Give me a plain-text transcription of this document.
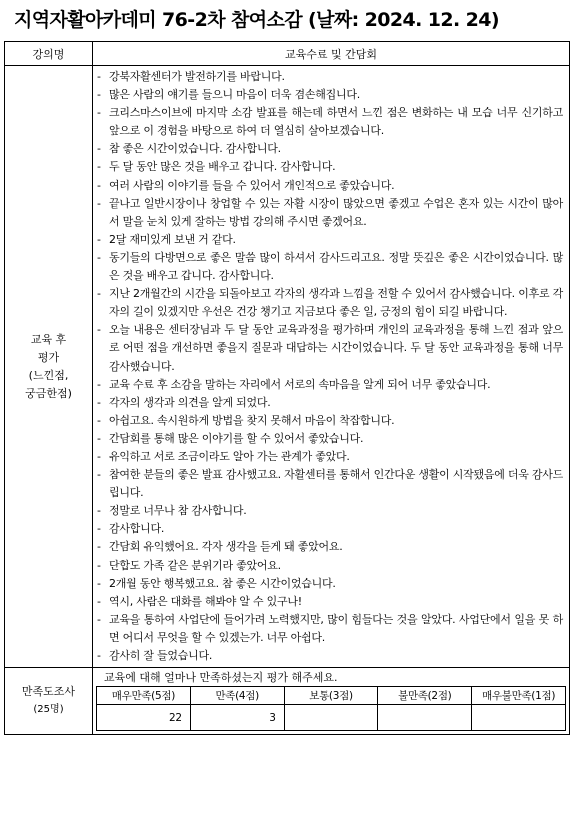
지역자활아카데미 76-2차 참여소감 (날짜: 2024. 12. 24)
강의명	교육수료 및 간담회

교육 후
평가
(느낀점,
궁금한점)

- 강북자활센터가 발전하기를 바랍니다.
- 많은 사람의 얘기를 들으니 마음이 더욱 겸손해집니다.
- 크리스마스이브에 마지막 소감 발표를 해는데 하면서 느낀 점은 변화하는 내 모습 너무 신기하고 앞으로 이 경험을 바탕으로 하여 더 열심히 살아보겠습니다.
- 참 좋은 시간이었습니다. 감사합니다.
- 두 달 동안 많은 것을 배우고 갑니다. 감사합니다.
- 여러 사람의 이야기를 들을 수 있어서 개인적으로 좋았습니다.
- 끝나고 일반시장이나 창업할 수 있는 자활 시장이 많았으면 좋겠고 수업은 혼자 있는 시간이 많아서 말을 눈치 있게 잘하는 방법 강의해 주시면 좋겠어요.
- 2달 재미있게 보낸 거 같다.
- 동기들의 다방면으로 좋은 말씀 많이 하셔서 감사드리고요. 정말 뜻깊은 좋은 시간이었습니다. 많은 것을 배우고 갑니다. 감사합니다.
- 지난 2개월간의 시간을 되돌아보고 각자의 생각과 느낌을 전할 수 있어서 감사했습니다. 이후로 각자의 길이 있겠지만 우선은 건강 챙기고 지금보다 좋은 일, 긍정의 힘이 되길 바랍니다.
- 오늘 내용은 센터장님과 두 달 동안 교육과정을 평가하며 개인의 교육과정을 통해 느낀 점과 앞으로 어떤 점을 개선하면 좋을지 질문과 대답하는 시간이었습니다. 두 달 동안 교육과정을 통해 너무 감사했습니다.
- 교육 수료 후 소감을 말하는 자리에서 서로의 속마음을 알게 되어 너무 좋았습니다.
- 각자의 생각과 의견을 알게 되었다.
- 아쉽고요. 속시원하게 방법을 찾지 못해서 마음이 착잡합니다.
- 간담회를 통해 많은 이야기를 할 수 있어서 좋았습니다.
- 유익하고 서로 조금이라도 알아 가는 관계가 좋았다.
- 참여한 분들의 좋은 발표 감사했고요. 자활센터를 통해서 인간다운 생활이 시작됐음에 더욱 감사드립니다.
- 정말로 너무나 참 감사합니다.
- 감사합니다.
- 간담회 유익했어요. 각자 생각을 듣게 돼 좋았어요.
- 단합도 가족 같은 분위기라 좋았어요.
- 2개월 동안 행복했고요. 참 좋은 시간이었습니다.
- 역시, 사람은 대화를 해봐야 알 수 있구나!
- 교육을 통하여 사업단에 들어가려 노력했지만, 많이 힘들다는 것을 알았다. 사업단에서 일을 못 하면 어디서 무엇을 할 수 있겠는가. 너무 아쉽다.
- 감사히 잘 들었습니다.

만족도조사
(25명)

교육에 대해 얼마나 만족하셨는지 평가 해주세요.
매우만족(5점)	만족(4점)	보통(3점)	불만족(2점)	매우불만족(1점)
22	3			
